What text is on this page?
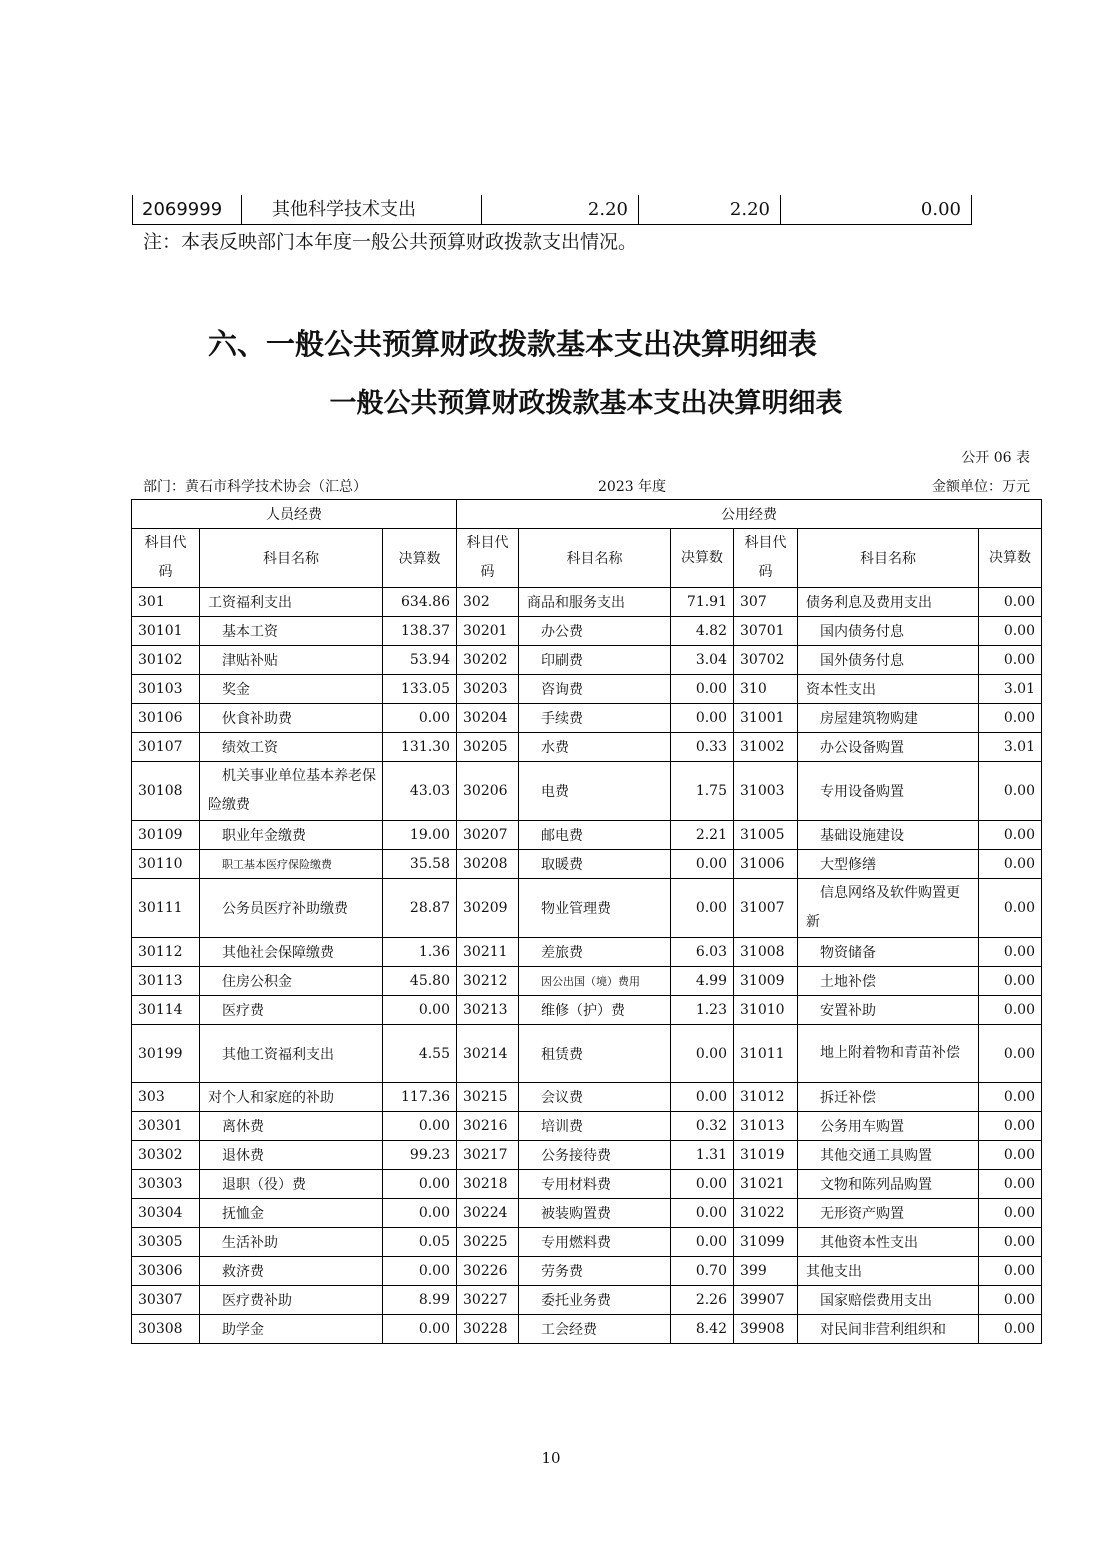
2069999	其他科学技术支出	2.20	2.20	0.00
注：本表反映部门本年度一般公共预算财政拨款支出情况。
六、一般公共预算财政拨款基本支出决算明细表
一般公共预算财政拨款基本支出决算明细表
公开 06 表
部门：黄石市科学技术协会（汇总）	2023 年度	金额单位：万元
人员经费			公用经费					
科目代码	科目名称	决算数	科目代码	科目名称	决算数	科目代码	科目名称	决算数
301	工资福利支出	634.86	302	商品和服务支出	71.91	307	债务利息及费用支出	0.00
30101	基本工资	138.37	30201	办公费	4.82	30701	国内债务付息	0.00
30102	津贴补贴	53.94	30202	印刷费	3.04	30702	国外债务付息	0.00
30103	奖金	133.05	30203	咨询费	0.00	310	资本性支出	3.01
30106	伙食补助费	0.00	30204	手续费	0.00	31001	房屋建筑物购建	0.00
30107	绩效工资	131.30	30205	水费	0.33	31002	办公设备购置	3.01
30108	机关事业单位基本养老保险缴费	43.03	30206	电费	1.75	31003	专用设备购置	0.00
30109	职业年金缴费	19.00	30207	邮电费	2.21	31005	基础设施建设	0.00
30110	职工基本医疗保险缴费	35.58	30208	取暖费	0.00	31006	大型修缮	0.00
30111	公务员医疗补助缴费	28.87	30209	物业管理费	0.00	31007	信息网络及软件购置更新	0.00
30112	其他社会保障缴费	1.36	30211	差旅费	6.03	31008	物资储备	0.00
30113	住房公积金	45.80	30212	因公出国（境）费用	4.99	31009	土地补偿	0.00
30114	医疗费	0.00	30213	维修（护）费	1.23	31010	安置补助	0.00
30199	其他工资福利支出	4.55	30214	租赁费	0.00	31011	地上附着物和青苗补偿	0.00
303	对个人和家庭的补助	117.36	30215	会议费	0.00	31012	拆迁补偿	0.00
30301	离休费	0.00	30216	培训费	0.32	31013	公务用车购置	0.00
30302	退休费	99.23	30217	公务接待费	1.31	31019	其他交通工具购置	0.00
30303	退职（役）费	0.00	30218	专用材料费	0.00	31021	文物和陈列品购置	0.00
30304	抚恤金	0.00	30224	被装购置费	0.00	31022	无形资产购置	0.00
30305	生活补助	0.05	30225	专用燃料费	0.00	31099	其他资本性支出	0.00
30306	救济费	0.00	30226	劳务费	0.70	399	其他支出	0.00
30307	医疗费补助	8.99	30227	委托业务费	2.26	39907	国家赔偿费用支出	0.00
30308	助学金	0.00	30228	工会经费	8.42	39908	对民间非营利组织和	0.00
10
